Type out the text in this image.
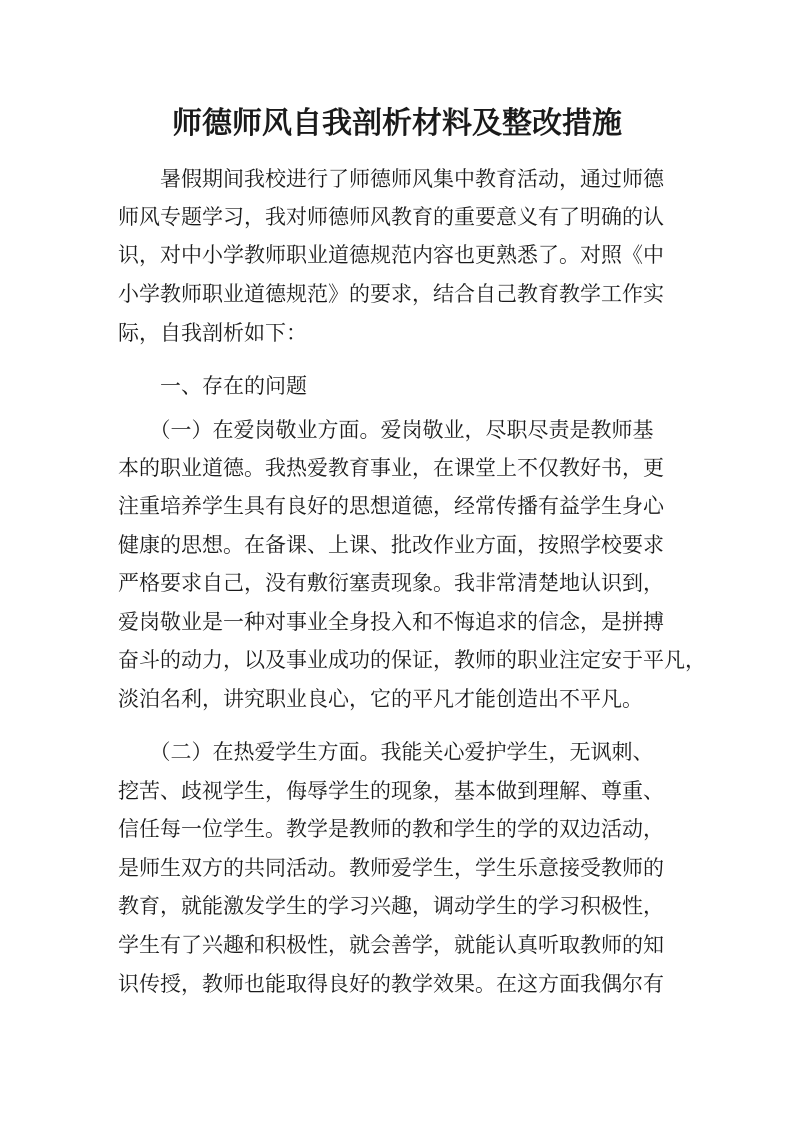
师德师风自我剖析材料及整改措施
　　暑假期间我校进行了师德师风集中教育活动，通过师德
师风专题学习，我对师德师风教育的重要意义有了明确的认
识，对中小学教师职业道德规范内容也更熟悉了。对照《中
小学教师职业道德规范》的要求，结合自己教育教学工作实
际，自我剖析如下：
　　一、存在的问题
　　（一）在爱岗敬业方面。爱岗敬业，尽职尽责是教师基
本的职业道德。我热爱教育事业，在课堂上不仅教好书，更
注重培养学生具有良好的思想道德，经常传播有益学生身心
健康的思想。在备课、上课、批改作业方面，按照学校要求
严格要求自己，没有敷衍塞责现象。我非常清楚地认识到，
爱岗敬业是一种对事业全身投入和不悔追求的信念，是拼搏
奋斗的动力，以及事业成功的保证，教师的职业注定安于平凡，
淡泊名利，讲究职业良心，它的平凡才能创造出不平凡。
　　（二）在热爱学生方面。我能关心爱护学生，无讽刺、
挖苦、歧视学生，侮辱学生的现象，基本做到理解、尊重、
信任每一位学生。教学是教师的教和学生的学的双边活动，
是师生双方的共同活动。教师爱学生，学生乐意接受教师的
教育，就能激发学生的学习兴趣，调动学生的学习积极性，
学生有了兴趣和积极性，就会善学，就能认真听取教师的知
识传授，教师也能取得良好的教学效果。在这方面我偶尔有
